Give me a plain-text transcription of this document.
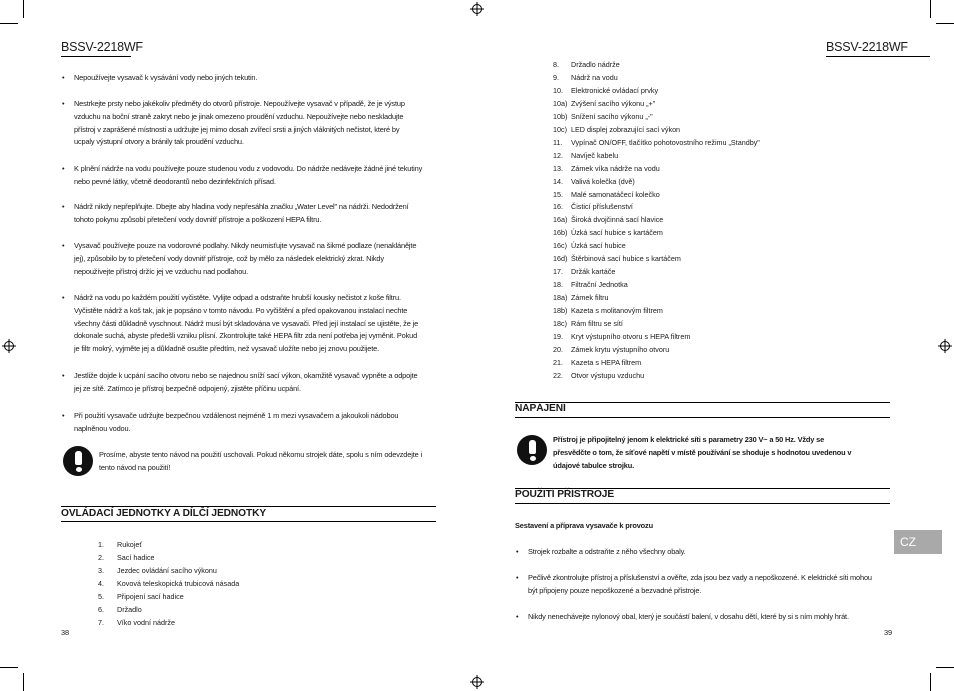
BSSV-2218WF
• Nepoužívejte vysavač k vysávání vody nebo jiných tekutin.
• Nestrkejte prsty nebo jakékoliv předměty do otvorů přístroje. Nepoužívejte vysavač v případě, že je výstup
vzduchu na boční straně zakryt nebo je jinak omezeno proudění vzduchu. Nepoužívejte nebo neskladujte
přístroj v zaprášené místnosti a udržujte jej mimo dosah zvířecí srsti a jiných vláknitých nečistot, které by
ucpaly výstupní otvory a bránily tak proudění vzduchu.
• K plnění nádrže na vodu používejte pouze studenou vodu z vodovodu. Do nádrže nedávejte žádné jiné tekutiny
nebo pevné látky, včetně deodorantů nebo dezinfekčních přísad.
• Nádrž nikdy nepřeplňujte. Dbejte aby hladina vody nepřesáhla značku „Water Level" na nádrži. Nedodržení
tohoto pokynu způsobí přetečení vody dovnitř přístroje a poškození HEPA filtru.
• Vysavač používejte pouze na vodorovné podlahy. Nikdy neumisťujte vysavač na šikmé podlaze (nenaklánějte
jej), způsobilo by to přetečení vody dovnitř přístroje, což by mělo za následek elektrický zkrat. Nikdy
nepoužívejte přístroj držíc jej ve vzduchu nad podlahou.
• Nádrž na vodu po každém použití vyčistěte. Vylijte odpad a odstraňte hrubší kousky nečistot z koše filtru.
Vyčistěte nádrž a koš tak, jak je popsáno v tomto návodu. Po vyčištění a před opakovanou instalací nechte
všechny části důkladně vyschnout. Nádrž musí být skladována ve vysavači. Před její instalací se ujistěte, že je
dokonale suchá, abyste předešli vzniku plísní. Zkontrolujte také HEPA filtr zda není potřeba jej vyměnit. Pokud
je filtr mokrý, vyjměte jej a důkladně osušte předtím, než vysavač uložíte nebo jej znovu použijete.
• Jestliže dojde k ucpání sacího otvoru nebo se najednou sníží sací výkon, okamžitě vysavač vypněte a odpojte
jej ze sítě. Zatímco je přístroj bezpečně odpojený, zjistěte příčinu ucpání.
• Při použití vysavače udržujte bezpečnou vzdálenost nejméně 1 m mezi vysavačem a jakoukoli nádobou
naplněnou vodou.
Prosíme, abyste tento návod na použití uschovali. Pokud někomu strojek dáte, spolu s ním odevzdejte i
tento návod na použití!
OVLÁDACÍ JEDNOTKY A DÍLČÍ JEDNOTKY
1. Rukojeť
2. Sací hadice
3. Jezdec ovládání sacího výkonu
4. Kovová teleskopická trubicová násada
5. Připojení sací hadice
6. Držadlo
7. Víko vodní nádrže
38
BSSV-2218WF
8. Držadlo nádrže
9. Nádrž na vodu
10. Elektronické ovládací prvky
10a) Zvýšení sacího výkonu „+"
10b) Snížení sacího výkonu „-"
10c) LED displej zobrazující sací výkon
11. Vypínač ON/OFF, tlačítko pohotovostního režimu „Standby"
12. Navíječ kabelu
13. Zámek víka nádrže na vodu
14. Valivá kolečka (dvě)
15. Malé samonatáčecí kolečko
16. Čisticí příslušenství
16a) Široká dvojčinná sací hlavice
16b) Úzká sací hubice s kartáčem
16c) Úzká sací hubice
16d) Štěrbinová sací hubice s kartáčem
17. Držák kartáče
18. Filtrační Jednotka
18a) Zámek filtru
18b) Kazeta s molitanovým filtrem
18c) Rám filtru se sítí
19. Kryt výstupního otvoru s HEPA filtrem
20. Zámek krytu výstupního otvoru
21. Kazeta s HEPA filtrem
22. Otvor výstupu vzduchu
NAPÁJENÍ
Přístroj je připojitelný jenom k elektrické síti s parametry 230 V~ a 50 Hz. Vždy se
přesvědčte o tom, že síťové napětí v místě používání se shoduje s hodnotou uvedenou v
údajové tabulce strojku.
POUŽITÍ PŘÍSTROJE
Sestavení a příprava vysavače k provozu
• Strojek rozbalte a odstraňte z něho všechny obaly.
• Pečlivě zkontrolujte přístroj a příslušenství a ověřte, zda jsou bez vady a nepoškozené. K elektrické síti mohou
být připojeny pouze nepoškozené a bezvadné přístroje.
• Nikdy nenechávejte nylonový obal, který je součástí balení, v dosahu dětí, které by si s ním mohly hrát.
CZ
39
